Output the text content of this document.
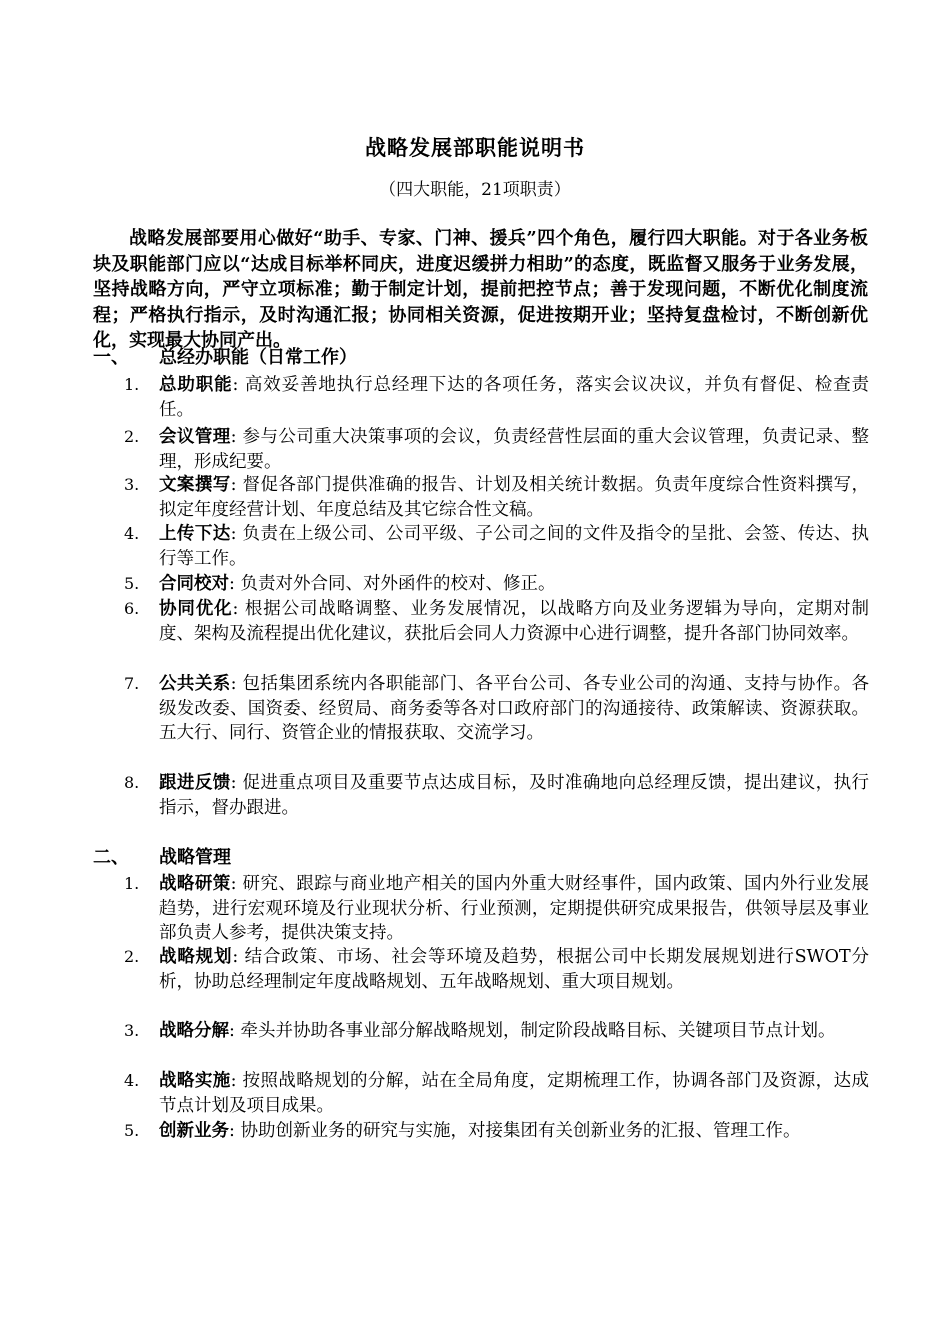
战略发展部职能说明书
（四大职能，21项职责）

战略发展部要用心做好“助手、专家、门神、援兵”四个角色，履行四大职能。对于各业务板块及职能部门应以“达成目标举杯同庆，进度迟缓拼力相助”的态度，既监督又服务于业务发展，坚持战略方向，严守立项标准；勤于制定计划，提前把控节点；善于发现问题，不断优化制度流程；严格执行指示，及时沟通汇报；协同相关资源，促进按期开业；坚持复盘检讨，不断创新优化，实现最大协同产出。

一、 总经办职能（日常工作）
1.	总助职能: 高效妥善地执行总经理下达的各项任务，落实会议决议，并负有督促、检查责任。
2.	会议管理: 参与公司重大决策事项的会议，负责经营性层面的重大会议管理，负责记录、整理，形成纪要。
3.	文案撰写: 督促各部门提供准确的报告、计划及相关统计数据。负责年度综合性资料撰写，拟定年度经营计划、年度总结及其它综合性文稿。
4.	上传下达: 负责在上级公司、公司平级、子公司之间的文件及指令的呈批、会签、传达、执行等工作。
5.	合同校对: 负责对外合同、对外函件的校对、修正。
6.	协同优化: 根据公司战略调整、业务发展情况，以战略方向及业务逻辑为导向，定期对制度、架构及流程提出优化建议，获批后会同人力资源中心进行调整，提升各部门协同效率。
7.	公共关系: 包括集团系统内各职能部门、各平台公司、各专业公司的沟通、支持与协作。各级发改委、国资委、经贸局、商务委等各对口政府部门的沟通接待、政策解读、资源获取。五大行、同行、资管企业的情报获取、交流学习。
8.	跟进反馈: 促进重点项目及重要节点达成目标，及时准确地向总经理反馈，提出建议，执行指示，督办跟进。
二、 战略管理
1.	战略研策: 研究、跟踪与商业地产相关的国内外重大财经事件，国内政策、国内外行业发展趋势，进行宏观环境及行业现状分析、行业预测，定期提供研究成果报告，供领导层及事业部负责人参考，提供决策支持。
2.	战略规划: 结合政策、市场、社会等环境及趋势，根据公司中长期发展规划进行SWOT分析，协助总经理制定年度战略规划、五年战略规划、重大项目规划。
3.	战略分解: 牵头并协助各事业部分解战略规划，制定阶段战略目标、关键项目节点计划。
4.	战略实施: 按照战略规划的分解，站在全局角度，定期梳理工作，协调各部门及资源，达成节点计划及项目成果。
5.	创新业务: 协助创新业务的研究与实施，对接集团有关创新业务的汇报、管理工作。
